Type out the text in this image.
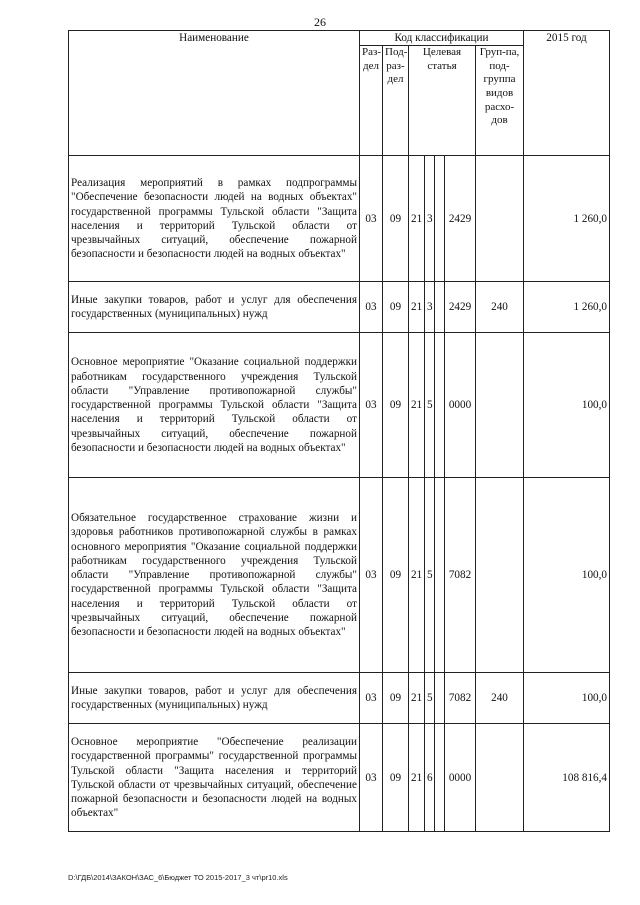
26
Наименование	Код классификации							2015 год
	Раз-дел	Под-раз-дел	Целевая статья				Груп-па, под-группа видов расхо-дов	
Реализация мероприятий в рамках подпрограммы "Обеспечение безопасности людей на водных объектах" государственной программы Тульской области "Защита населения и территорий Тульской области от чрезвычайных ситуаций, обеспечение пожарной безопасности и безопасности людей на водных объектах"	03	09	21	3		2429		1 260,0
Иные закупки товаров, работ и услуг для обеспечения государственных (муниципальных) нужд	03	09	21	3		2429	240	1 260,0
Основное мероприятие "Оказание социальной поддержки работникам государственного учреждения Тульской области "Управление противопожарной службы" государственной программы Тульской области "Защита населения и территорий Тульской области от чрезвычайных ситуаций, обеспечение пожарной безопасности и безопасности людей на водных объектах"	03	09	21	5		0000		100,0
Обязательное государственное страхование жизни и здоровья работников противопожарной службы в рамках основного мероприятия "Оказание социальной поддержки работникам государственного учреждения Тульской области "Управление противопожарной службы" государственной программы Тульской области "Защита населения и территорий Тульской области от чрезвычайных ситуаций, обеспечение пожарной безопасности и безопасности людей на водных объектах"	03	09	21	5		7082		100,0
Иные закупки товаров, работ и услуг для обеспечения государственных (муниципальных) нужд	03	09	21	5		7082	240	100,0
Основное мероприятие "Обеспечение реализации государственной программы" государственной программы Тульской области "Защита населения и территорий Тульской области от чрезвычайных ситуаций, обеспечение пожарной безопасности и безопасности людей на водных объектах"	03	09	21	6		0000		108 816,4
D:\ГДБ\2014\ЗАКОН\ЗАС_6\Бюджет ТО 2015-2017_3 чт\pr10.xls
